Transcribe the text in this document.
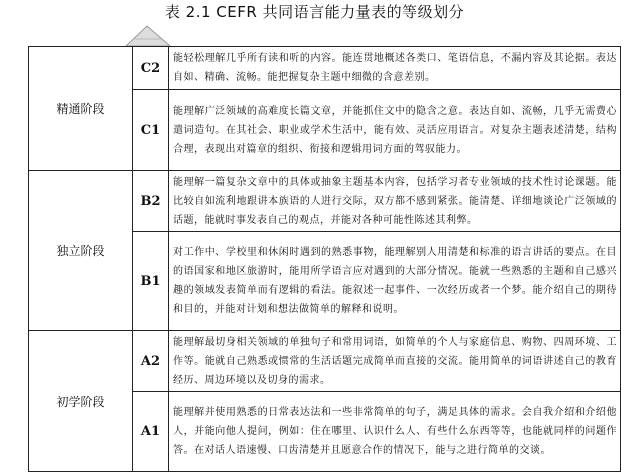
表 2.1 CEFR 共同语言能力量表的等级划分
精通阶段	C2	能轻松理解几乎所有读和听的内容。能连贯地概述各类口、笔语信息，不漏内容及其论据。表达自如、精确、流畅。能把握复杂主题中细微的含意差别。
	C1	能理解广泛领域的高难度长篇文章，并能抓住文中的隐含之意。表达自如、流畅，几乎无需费心遣词造句。在其社会、职业或学术生活中，能有效、灵活应用语言。对复杂主题表述清楚，结构合理，表现出对篇章的组织、衔接和逻辑用词方面的驾驭能力。
独立阶段	B2	能理解一篇复杂文章中的具体或抽象主题基本内容，包括学习者专业领域的技术性讨论课题。能比较自如流利地跟讲本族语的人进行交际，双方都不感到紧张。能清楚、详细地谈论广泛领域的话题，能就时事发表自己的观点，并能对各种可能性陈述其利弊。
	B1	对工作中、学校里和休闲时遇到的熟悉事物，能理解别人用清楚和标准的语言讲话的要点。在目的语国家和地区旅游时，能用所学语言应对遇到的大部分情况。能就一些熟悉的主题和自己感兴趣的领域发表简单而有逻辑的看法。能叙述一起事件、一次经历或者一个梦。能介绍自己的期待和目的，并能对计划和想法做简单的解释和说明。
初学阶段	A2	能理解最切身相关领域的单独句子和常用词语，如简单的个人与家庭信息、购物、四周环境、工作等。能就自己熟悉或惯常的生活话题完成简单而直接的交流。能用简单的词语讲述自己的教育经历、周边环境以及切身的需求。
	A1	能理解并使用熟悉的日常表达法和一些非常简单的句子，满足具体的需求。会自我介绍和介绍他人，并能向他人提问，例如：住在哪里、认识什么人、有些什么东西等等，也能就同样的问题作答。在对话人语速慢、口齿清楚并且愿意合作的情况下，能与之进行简单的交谈。
